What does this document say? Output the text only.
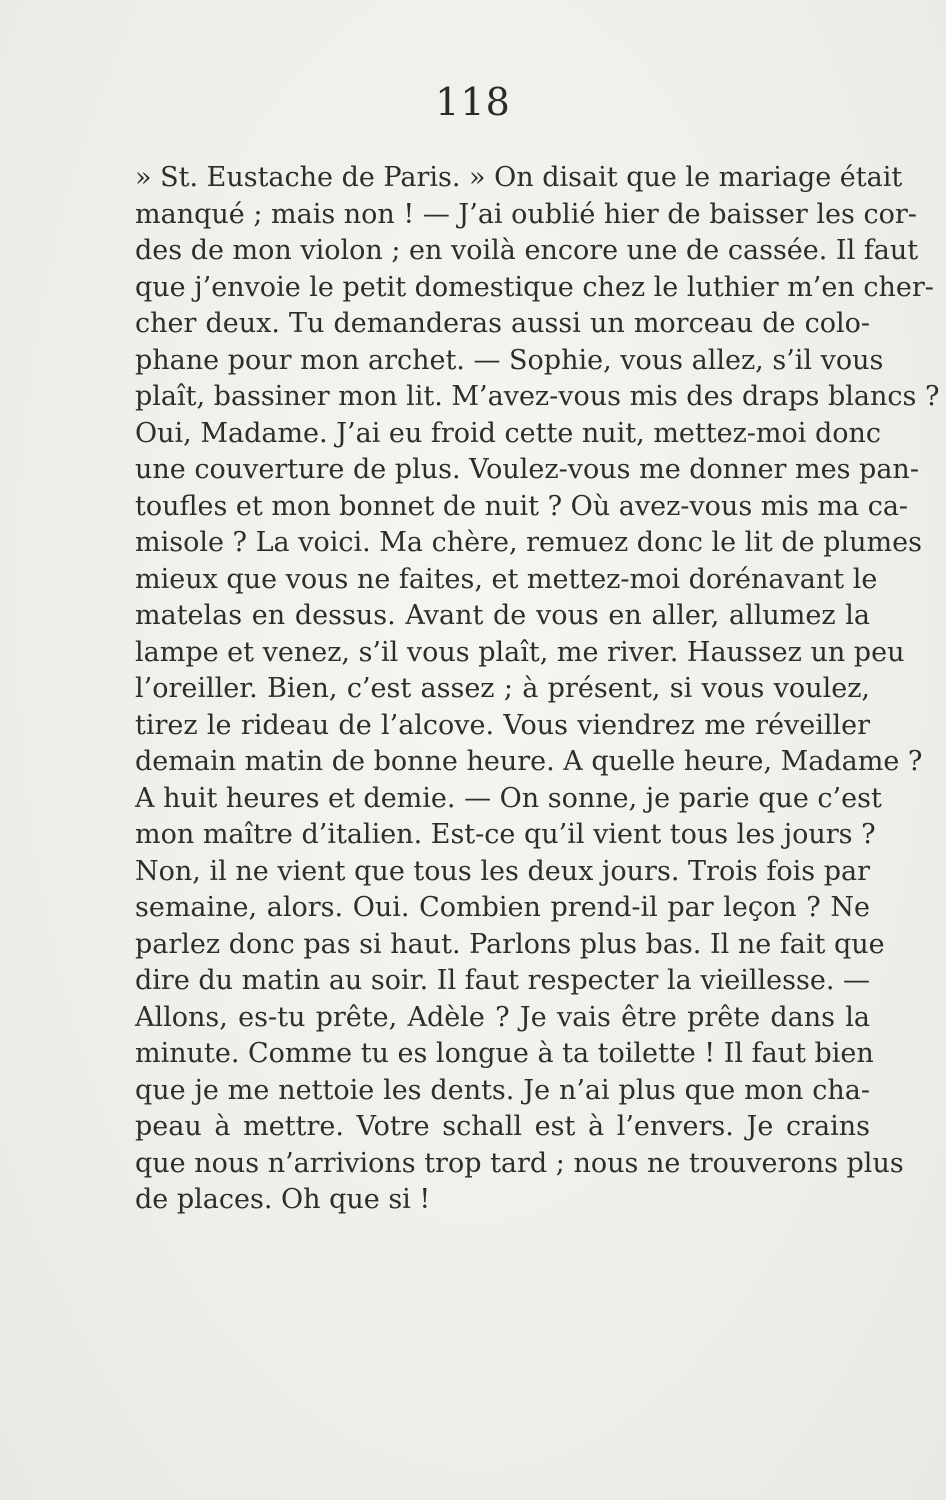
118
» St. Eustache de Paris. » On disait que le mariage était
manqué ; mais non ! — J’ai oublié hier de baisser les cor-
des de mon violon ; en voilà encore une de cassée. Il faut
que j’envoie le petit domestique chez le luthier m’en cher-
cher deux. Tu demanderas aussi un morceau de colo-
phane pour mon archet. — Sophie, vous allez, s’il vous
plaît, bassiner mon lit. M’avez-vous mis des draps blancs ?
Oui, Madame. J’ai eu froid cette nuit, mettez-moi donc
une couverture de plus. Voulez-vous me donner mes pan-
toufles et mon bonnet de nuit ? Où avez-vous mis ma ca-
misole ? La voici. Ma chère, remuez donc le lit de plumes
mieux que vous ne faites, et mettez-moi dorénavant le
matelas en dessus. Avant de vous en aller, allumez la
lampe et venez, s’il vous plaît, me river. Haussez un peu
l’oreiller. Bien, c’est assez ; à présent, si vous voulez,
tirez le rideau de l’alcove. Vous viendrez me réveiller
demain matin de bonne heure. A quelle heure, Madame ?
A huit heures et demie. — On sonne, je parie que c’est
mon maître d’italien. Est-ce qu’il vient tous les jours ?
Non, il ne vient que tous les deux jours. Trois fois par
semaine, alors. Oui. Combien prend-il par leçon ? Ne
parlez donc pas si haut. Parlons plus bas. Il ne fait que
dire du matin au soir. Il faut respecter la vieillesse. —
Allons, es-tu prête, Adèle ? Je vais être prête dans la
minute. Comme tu es longue à ta toilette ! Il faut bien
que je me nettoie les dents. Je n’ai plus que mon cha-
peau à mettre. Votre schall est à l’envers. Je crains
que nous n’arrivions trop tard ; nous ne trouverons plus
de places. Oh que si !
